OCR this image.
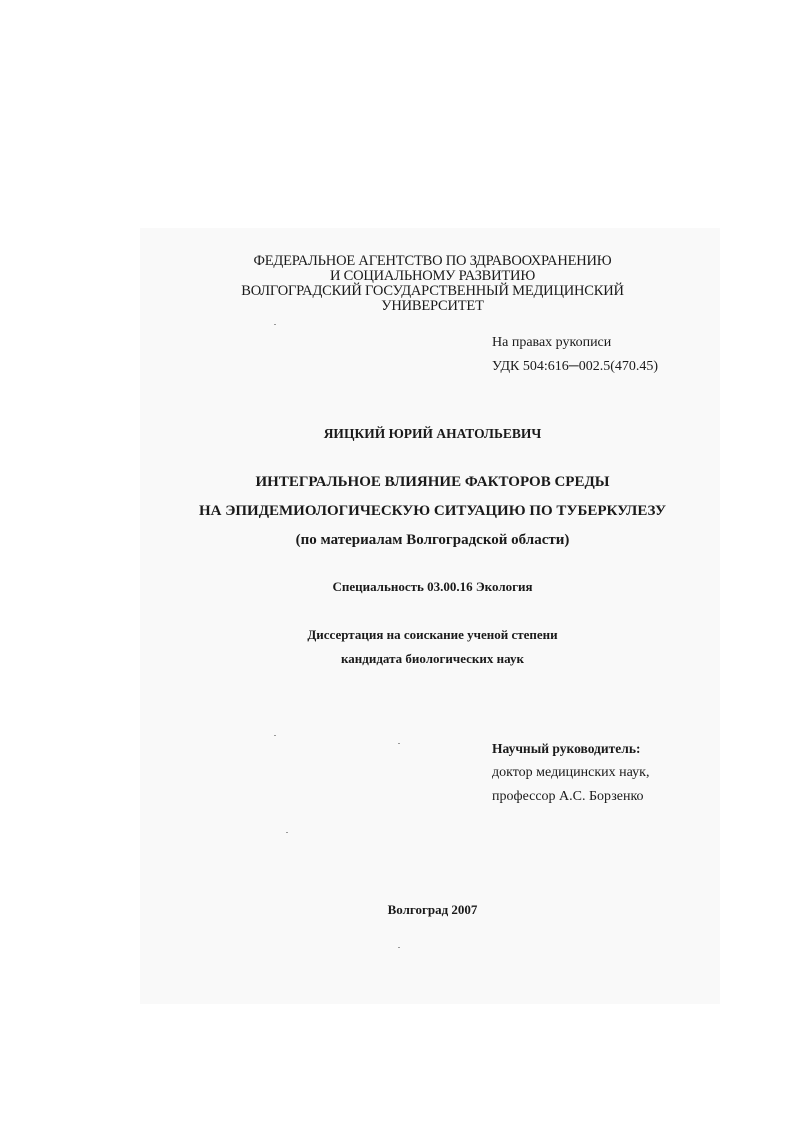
ФЕДЕРАЛЬНОЕ АГЕНТСТВО ПО ЗДРАВООХРАНЕНИЮ
И СОЦИАЛЬНОМУ РАЗВИТИЮ
ВОЛГОГРАДСКИЙ ГОСУДАРСТВЕННЫЙ МЕДИЦИНСКИЙ
УНИВЕРСИТЕТ
На правах рукописи
УДК 504:616─002.5(470.45)
ЯИЦКИЙ ЮРИЙ АНАТОЛЬЕВИЧ
ИНТЕГРАЛЬНОЕ ВЛИЯНИЕ ФАКТОРОВ СРЕДЫ
НА ЭПИДЕМИОЛОГИЧЕСКУЮ СИТУАЦИЮ ПО ТУБЕРКУЛЕЗУ
(по материалам Волгоградской области)
Специальность 03.00.16 Экология
Диссертация на соискание ученой степени
кандидата биологических наук
Научный руководитель:
доктор медицинских наук,
профессор А.С. Борзенко
Волгоград 2007
